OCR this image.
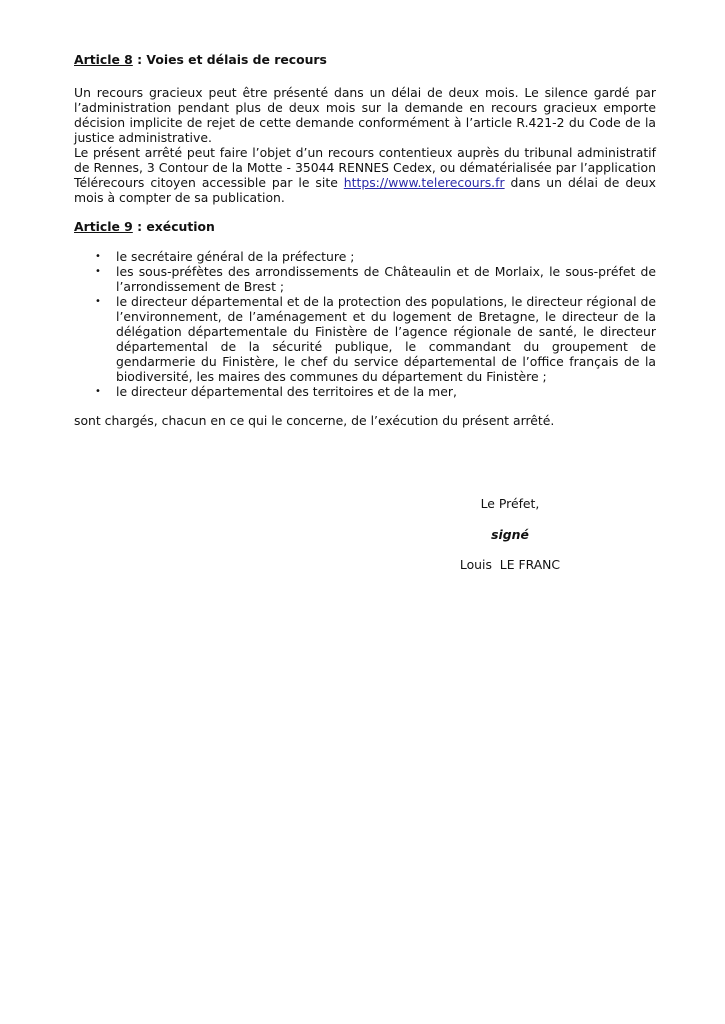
Article 8 : Voies et délais de recours

Un recours gracieux peut être présenté dans un délai de deux mois. Le silence gardé par l’administration pendant plus de deux mois sur la demande en recours gracieux emporte décision implicite de rejet de cette demande conformément à l’article R.421-2 du Code de la justice administrative.

Le présent arrêté peut faire l’objet d’un recours contentieux auprès du tribunal administratif de Rennes, 3 Contour de la Motte - 35044 RENNES Cedex, ou dématérialisée par l’application Télérecours citoyen accessible par le site https://www.telerecours.fr dans un délai de deux mois à compter de sa publication.

Article 9 : exécution
• le secrétaire général de la préfecture ;
• les sous-préfètes des arrondissements de Châteaulin et de Morlaix, le sous-préfet de l’arrondissement de Brest ;
• le directeur départemental et de la protection des populations, le directeur régional de l’environnement, de l’aménagement et du logement de Bretagne, le directeur de la délégation départementale du Finistère de l’agence régionale de santé, le directeur départemental de la sécurité publique, le commandant du groupement de gendarmerie du Finistère, le chef du service départemental de l’office français de la biodiversité, les maires des communes du département du Finistère ;
• le directeur départemental des territoires et de la mer,
sont chargés, chacun en ce qui le concerne, de l’exécution du présent arrêté.
Le Préfet,
signé
Louis  LE FRANC
